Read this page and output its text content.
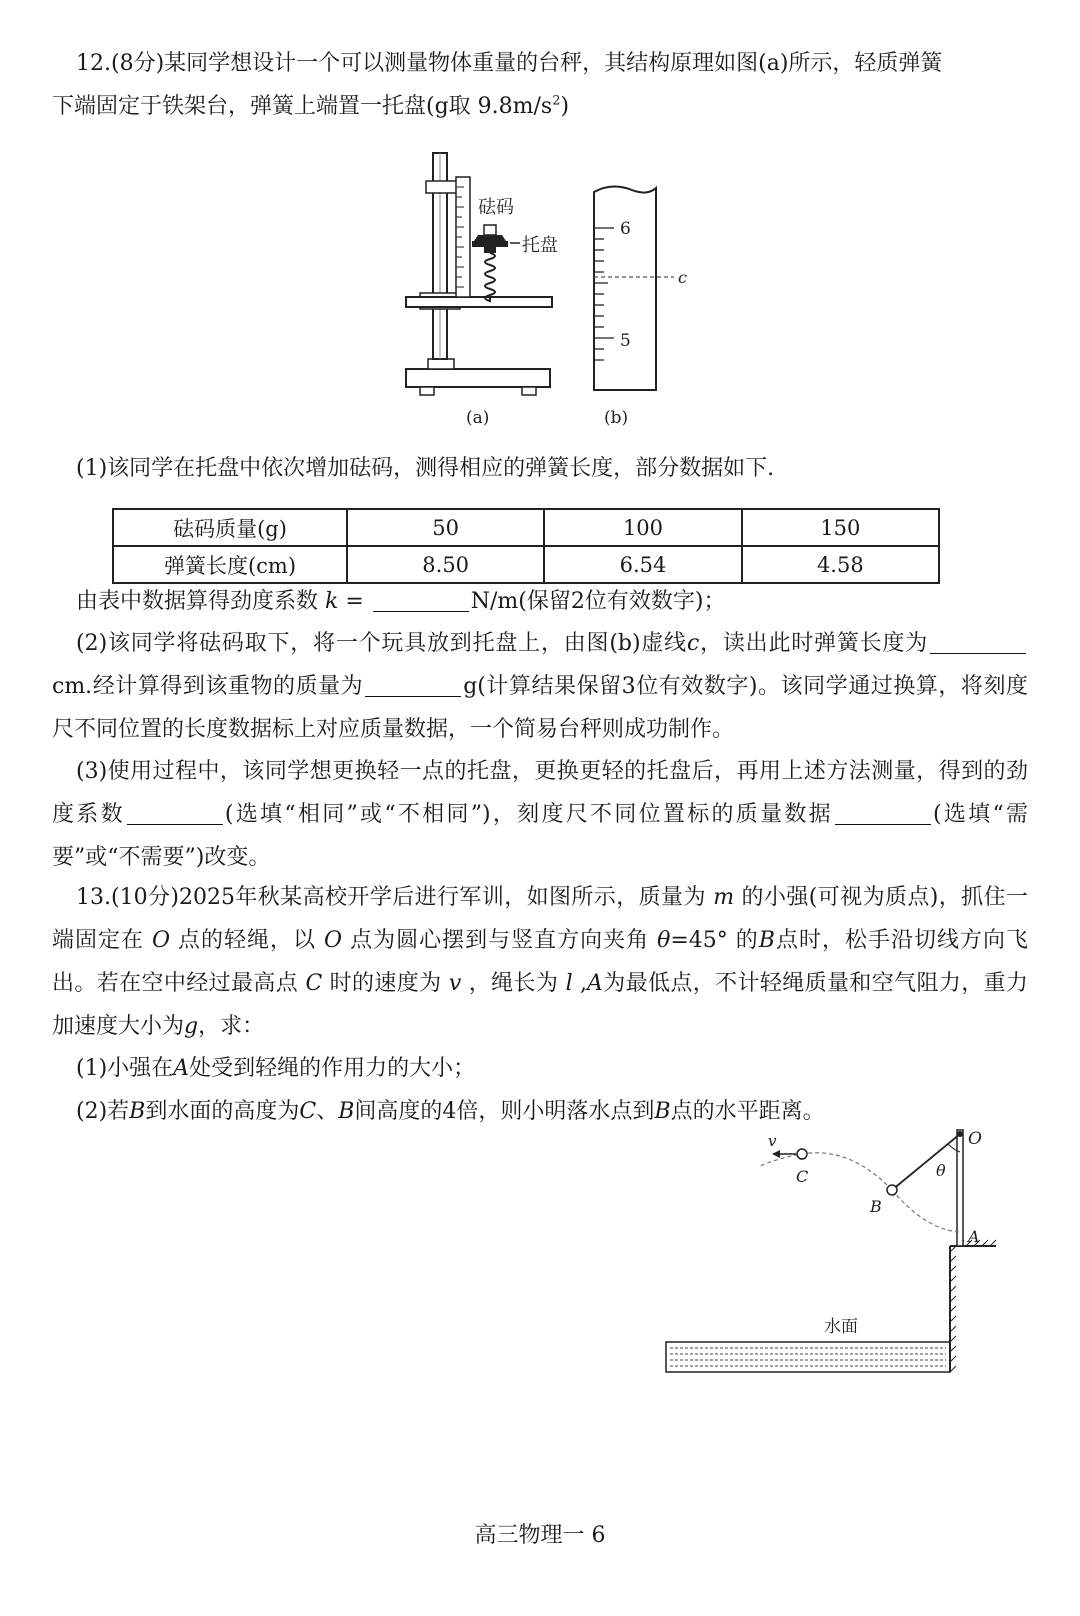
12.(8分)某同学想设计一个可以测量物体重量的台秤，其结构原理如图(a)所示，轻质弹簧

下端固定于铁架台，弹簧上端置一托盘(g取 $9.8m/s^2$)

砝码
托盘
(a)
6
5
c
(b)

(1)该同学在托盘中依次增加砝码，测得相应的弹簧长度，部分数据如下.

砝码质量(g)	50	100	150
弹簧长度(cm)	8.50	6.54	4.58

由表中数据算得劲度系数 k =	N/m(保留2位有效数字)；

(2)该同学将砝码取下，将一个玩具放到托盘上，由图(b)虚线c，读出此时弹簧长度为cm.经计算得到该重物的质量为	g(计算结果保留3位有效数字)。该同学通过换算，将刻度尺不同位置的长度数据标上对应质量数据，一个简易台秤则成功制作。

(3)使用过程中，该同学想更换轻一点的托盘，更换更轻的托盘后，再用上述方法测量，得到的劲度系数	(选填“相同”或“不相同”)，刻度尺不同位置标的质量数据	(选填“需要”或“不需要”)改变。

13.(10分)2025年秋某高校开学后进行军训，如图所示，质量为 m 的小强(可视为质点)，抓住一端固定在 O 点的轻绳，以 O 点为圆心摆到与竖直方向夹角 θ=45° 的B点时，松手沿切线方向飞出。若在空中经过最高点 C 时的速度为 v ，绳长为 l ,A为最低点，不计轻绳质量和空气阻力，重力加速度大小为g，求：

(1)小强在A处受到轻绳的作用力的大小；

(2)若B到水面的高度为C、B间高度的4倍，则小明落水点到B点的水平距离。

水面
O
A
θ
B
C
v
高三物理一 6
